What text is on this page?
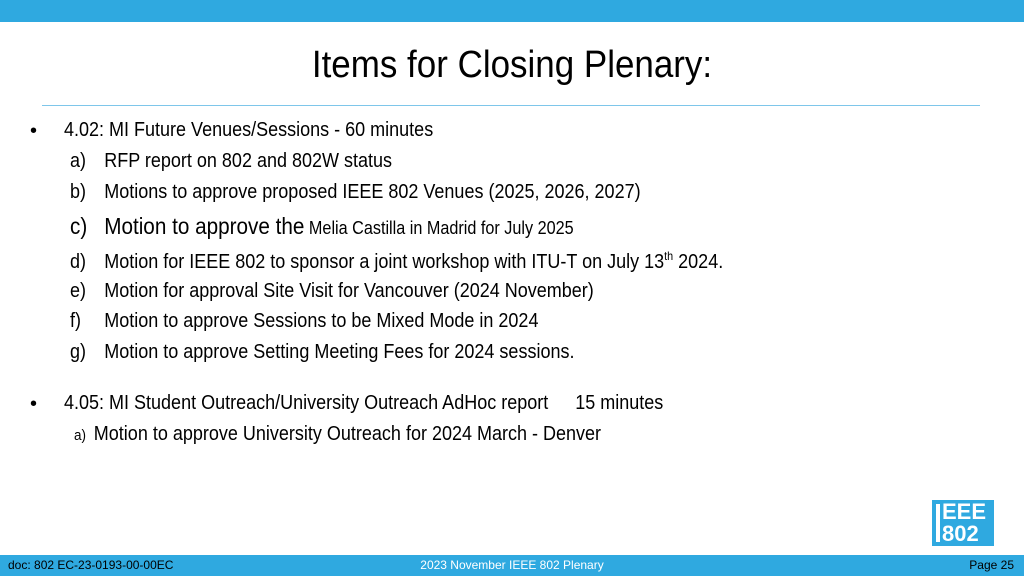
Items for Closing Plenary:
• 4.02: MI Future Venues/Sessions - 60 minutes
a) RFP report on 802 and 802W status
b) Motions to approve proposed IEEE 802 Venues (2025, 2026, 2027)
c) Motion to approve the Melia Castilla in Madrid for July 2025
d) Motion for IEEE 802 to sponsor a joint workshop with ITU-T on July 13th 2024.
e) Motion for approval Site Visit for Vancouver (2024 November)
f) Motion to approve Sessions to be Mixed Mode in 2024
g) Motion to approve Setting Meeting Fees for 2024 sessions.
• 4.05: MI Student Outreach/University Outreach AdHoc report 15 minutes
a) Motion to approve University Outreach for 2024 March - Denver
EEE
802
doc: 802 EC-23-0193-00-00EC	2023 November IEEE 802 Plenary	Page 25
